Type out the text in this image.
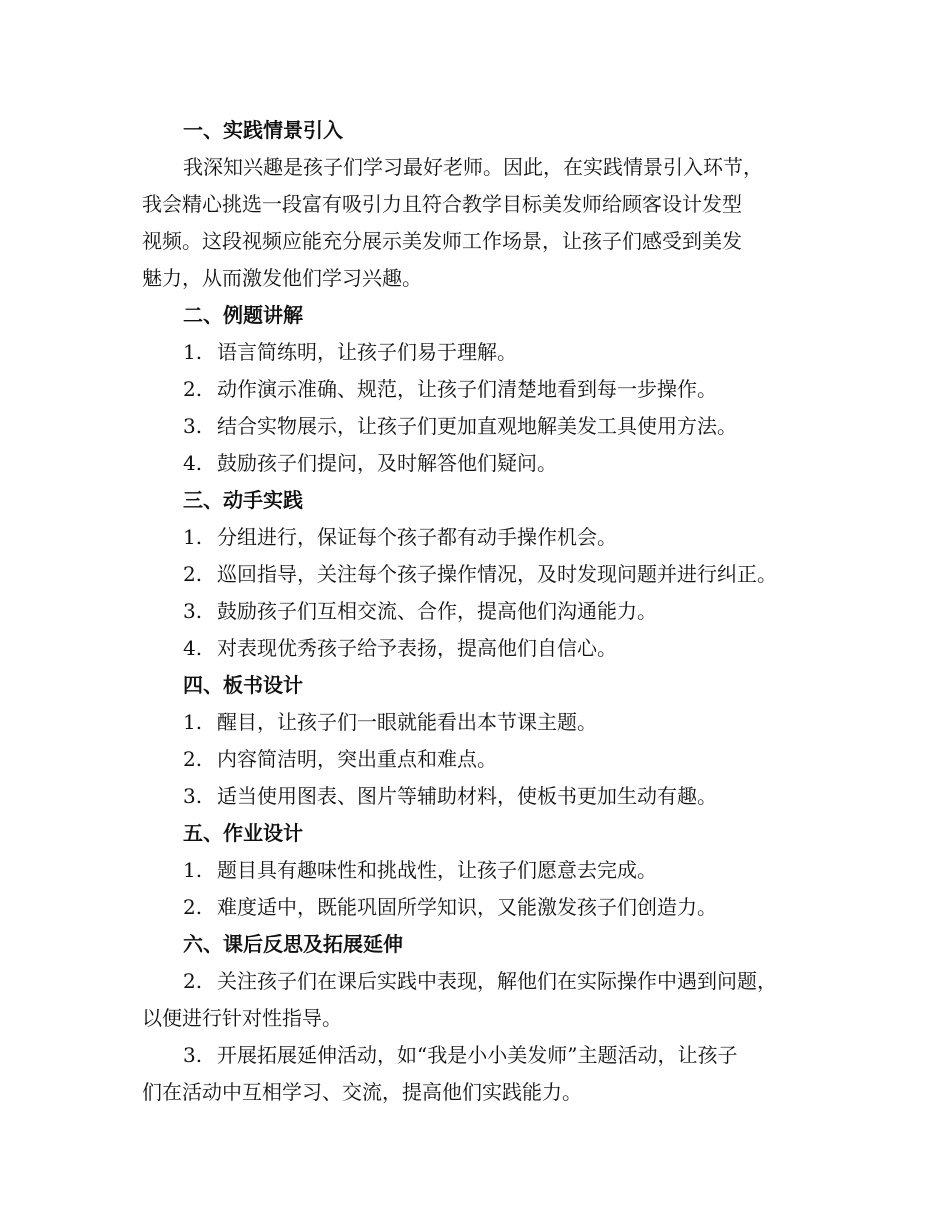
一、实践情景引入
我深知兴趣是孩子们学习最好老师。因此，在实践情景引入环节，
我会精心挑选一段富有吸引力且符合教学目标美发师给顾客设计发型
视频。这段视频应能充分展示美发师工作场景，让孩子们感受到美发
魅力，从而激发他们学习兴趣。
二、例题讲解
1. 语言简练明，让孩子们易于理解。
2. 动作演示准确、规范，让孩子们清楚地看到每一步操作。
3. 结合实物展示，让孩子们更加直观地解美发工具使用方法。
4. 鼓励孩子们提问，及时解答他们疑问。
三、动手实践
1. 分组进行，保证每个孩子都有动手操作机会。
2. 巡回指导，关注每个孩子操作情况，及时发现问题并进行纠正。
3. 鼓励孩子们互相交流、合作，提高他们沟通能力。
4. 对表现优秀孩子给予表扬，提高他们自信心。
四、板书设计
1. 醒目，让孩子们一眼就能看出本节课主题。
2. 内容简洁明，突出重点和难点。
3. 适当使用图表、图片等辅助材料，使板书更加生动有趣。
五、作业设计
1. 题目具有趣味性和挑战性，让孩子们愿意去完成。
2. 难度适中，既能巩固所学知识，又能激发孩子们创造力。
六、课后反思及拓展延伸
2. 关注孩子们在课后实践中表现，解他们在实际操作中遇到问题，
以便进行针对性指导。
3. 开展拓展延伸活动，如“我是小小美发师”主题活动，让孩子
们在活动中互相学习、交流，提高他们实践能力。
